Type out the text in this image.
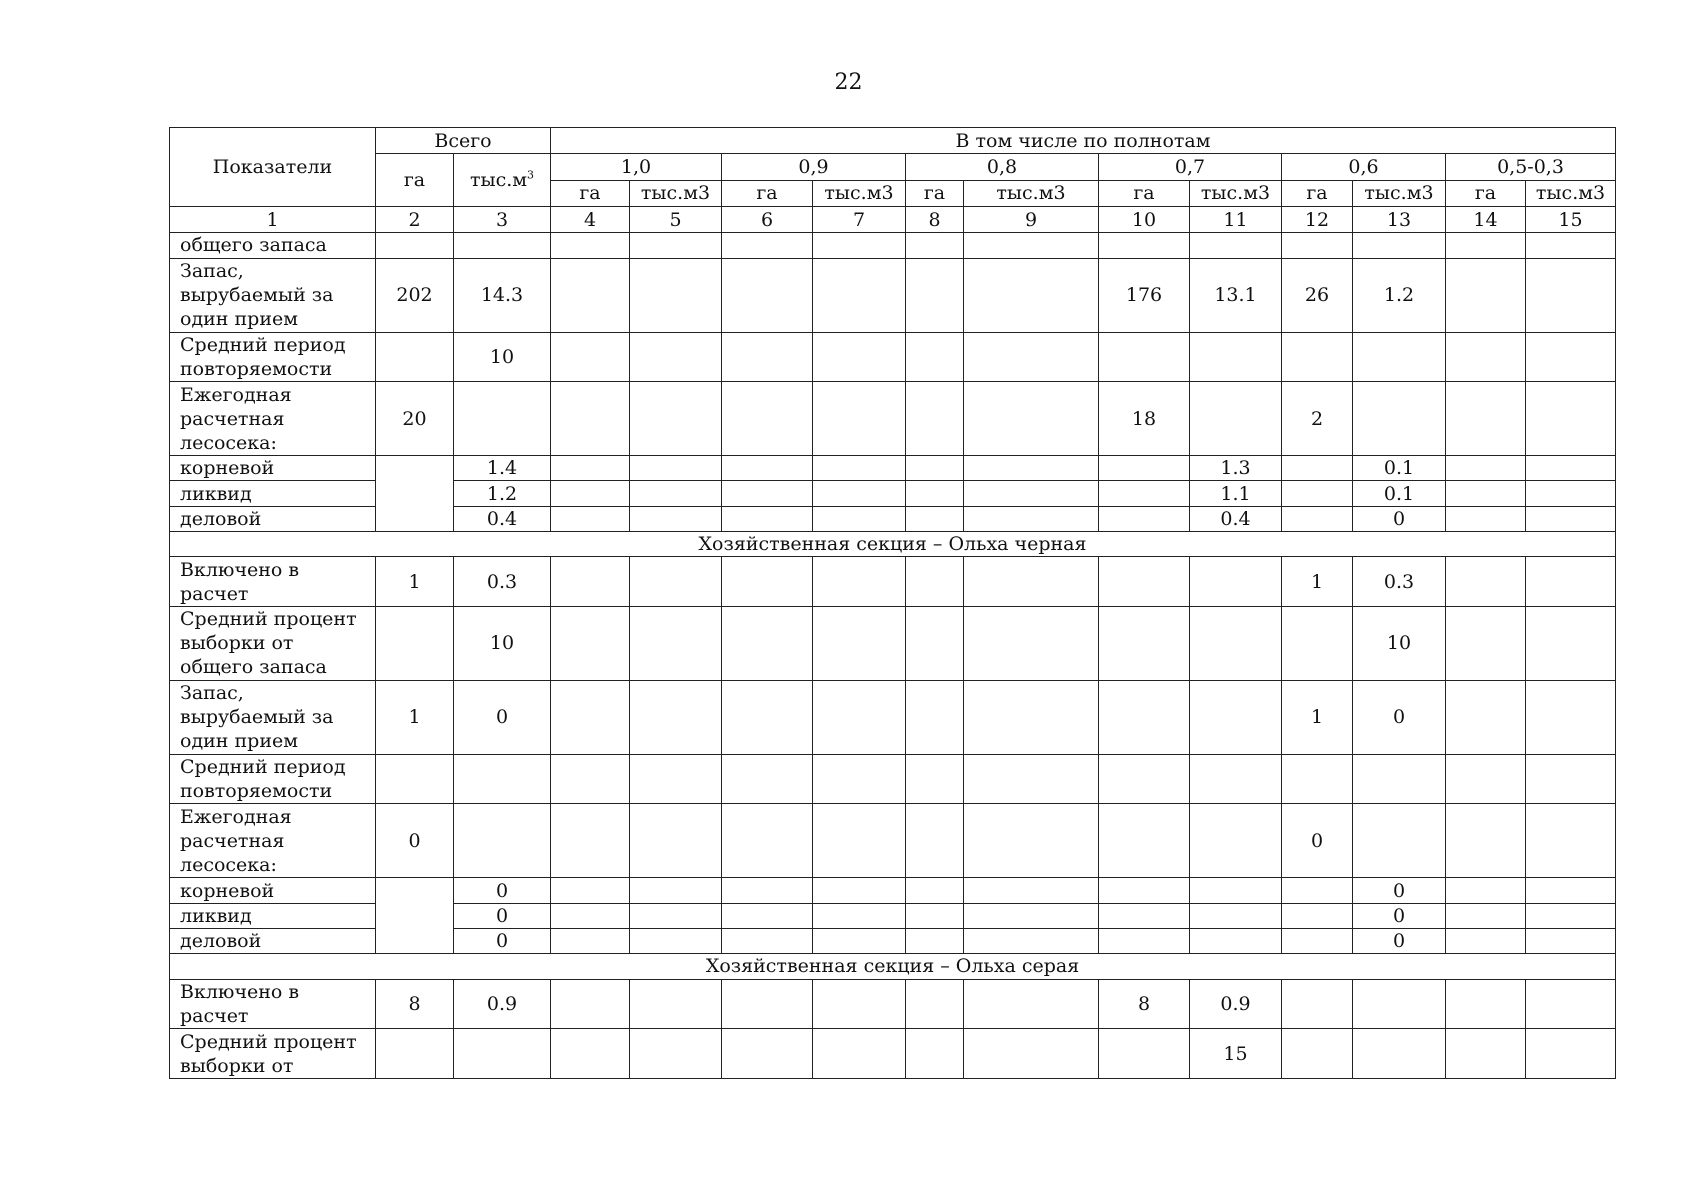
22
Показатели	Всего		В том числе по полнотам											
	га	$тыс.м^3$	1,0		0,9		0,8		0,7		0,6		0,5-0,3	
			га	тыс.м3	га	тыс.м3	га	тыс.м3	га	тыс.м3	га	тыс.м3	га	тыс.м3
1	2	3	4	5	6	7	8	9	10	11	12	13	14	15
общего запаса														
Запас, вырубаемый за один прием	202	14.3							176	13.1	26	1.2		
Средний период повторяемости		10												
Ежегодная расчетная лесосека:	20								18		2			
корневой		1.4								1.3		0.1		
ликвид		1.2								1.1		0.1		
деловой		0.4								0.4		0		
Хозяйственная секция – Ольха черная														
Включено в расчет	1	0.3									1	0.3		
Средний процент выборки от общего запаса		10										10		
Запас, вырубаемый за один прием	1	0									1	0		
Средний период повторяемости														
Ежегодная расчетная лесосека:	0										0			
корневой		0										0		
ликвид		0										0		
деловой		0										0		
Хозяйственная секция – Ольха серая														
Включено в расчет	8	0.9							8	0.9				
Средний процент выборки от										15				
